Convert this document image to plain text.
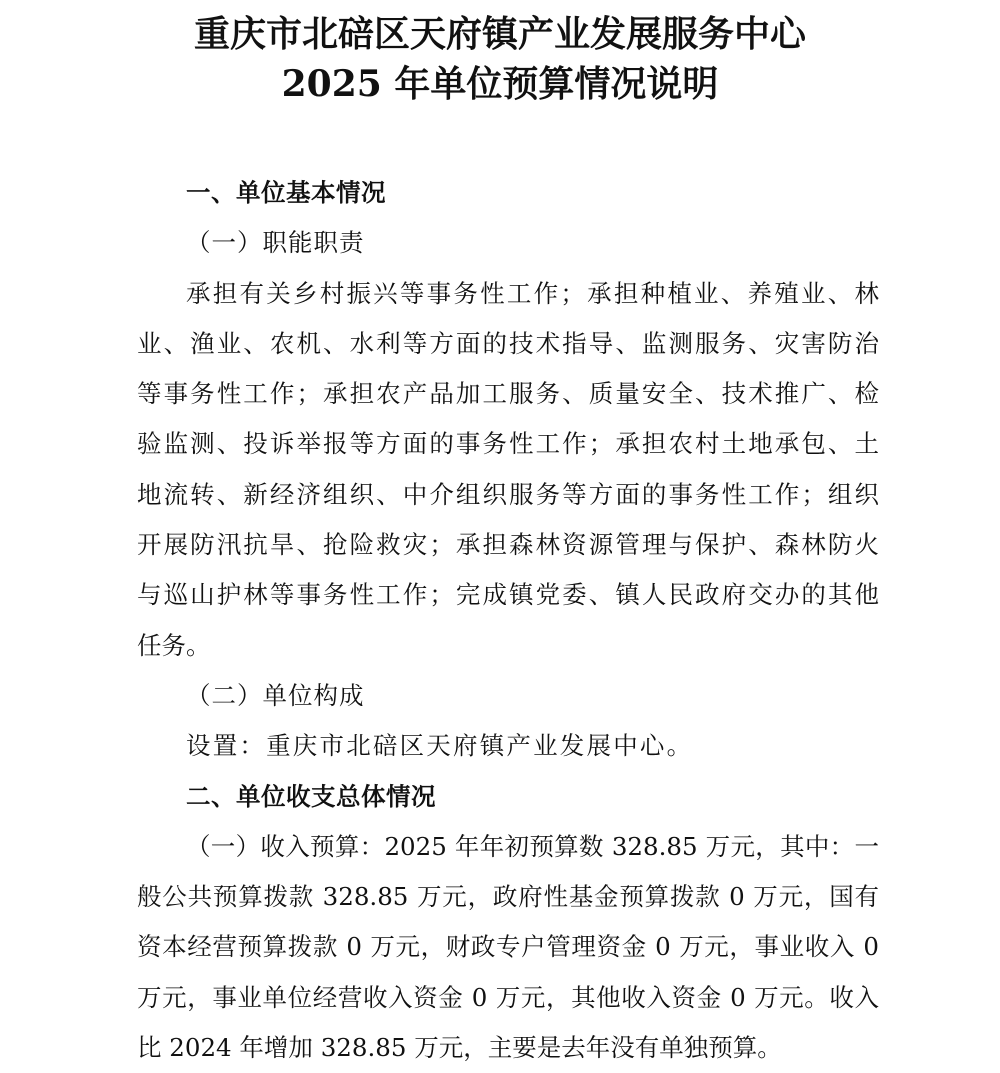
重庆市北碚区天府镇产业发展服务中心
2025 年单位预算情况说明
一、单位基本情况
（一）职能职责
承担有关乡村振兴等事务性工作；承担种植业、养殖业、林
业、渔业、农机、水利等方面的技术指导、监测服务、灾害防治
等事务性工作；承担农产品加工服务、质量安全、技术推广、检
验监测、投诉举报等方面的事务性工作；承担农村土地承包、土
地流转、新经济组织、中介组织服务等方面的事务性工作；组织
开展防汛抗旱、抢险救灾；承担森林资源管理与保护、森林防火
与巡山护林等事务性工作；完成镇党委、镇人民政府交办的其他
任务。
（二）单位构成
设置：重庆市北碚区天府镇产业发展中心。
二、单位收支总体情况
（一）收入预算：2025 年年初预算数 328.85 万元，其中：一
般公共预算拨款 328.85 万元，政府性基金预算拨款 0 万元，国有
资本经营预算拨款 0 万元，财政专户管理资金 0 万元，事业收入 0
万元，事业单位经营收入资金 0 万元，其他收入资金 0 万元。收入
比 2024 年增加 328.85 万元，主要是去年没有单独预算。
